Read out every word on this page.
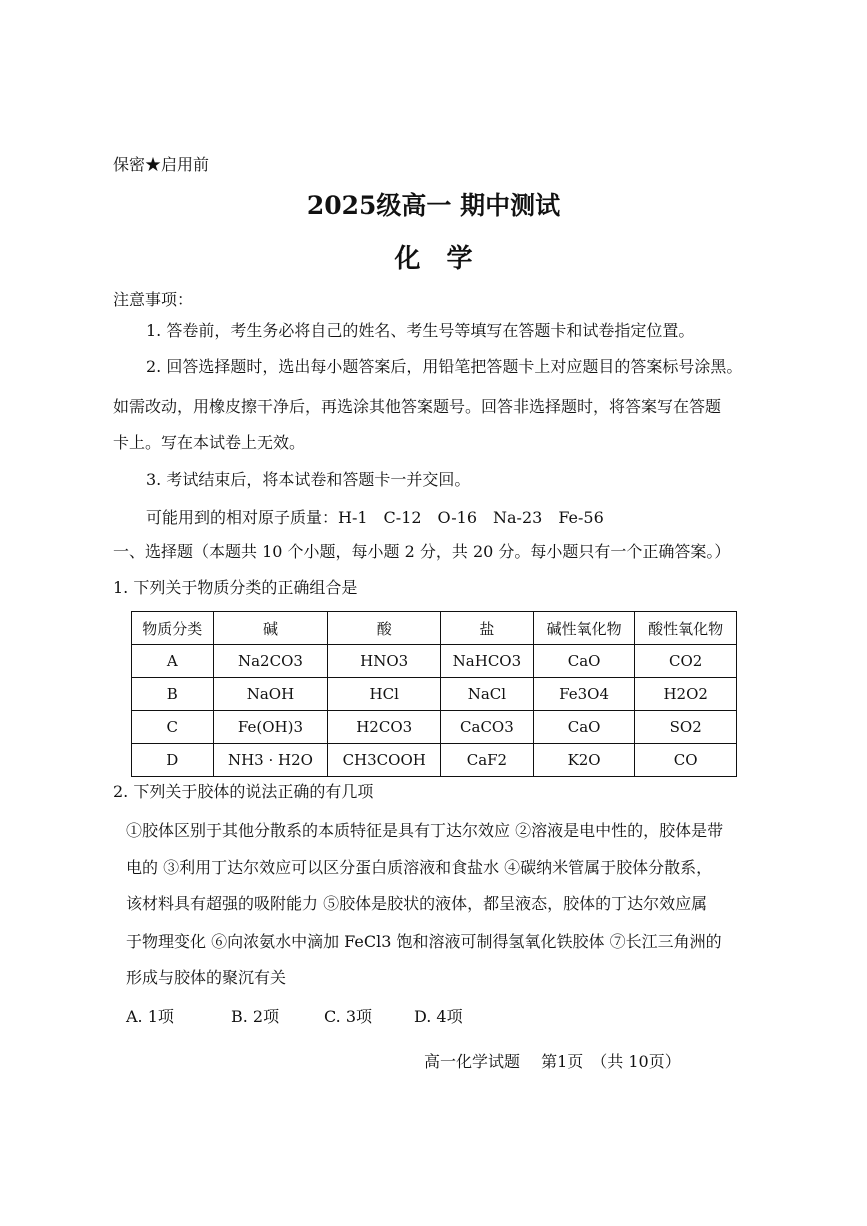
保密★启用前
2025级高一 期中测试
化学
注意事项：
1. 答卷前，考生务必将自己的姓名、考生号等填写在答题卡和试卷指定位置。
2. 回答选择题时，选出每小题答案后，用铅笔把答题卡上对应题目的答案标号涂黑。
如需改动，用橡皮擦干净后，再选涂其他答案题号。回答非选择题时，将答案写在答题
卡上。写在本试卷上无效。
3. 考试结束后，将本试卷和答题卡一并交回。
可能用到的相对原子质量：H-1　C-12　O-16　Na-23　Fe-56
一、选择题（本题共 10 个小题，每小题 2 分，共 20 分。每小题只有一个正确答案。）
1. 下列关于物质分类的正确组合是
物质分类	碱	酸	盐	碱性氧化物	酸性氧化物
A	Na2CO3	HNO3	NaHCO3	CaO	CO2
B	NaOH	HCl	NaCl	Fe3O4	H2O2
C	Fe(OH)3	H2CO3	CaCO3	CaO	SO2
D	NH3 · H2O	CH3COOH	CaF2	K2O	CO
2. 下列关于胶体的说法正确的有几项
①胶体区别于其他分散系的本质特征是具有丁达尔效应 ②溶液是电中性的，胶体是带
电的 ③利用丁达尔效应可以区分蛋白质溶液和食盐水 ④碳纳米管属于胶体分散系，
该材料具有超强的吸附能力 ⑤胶体是胶状的液体，都呈液态，胶体的丁达尔效应属
于物理变化 ⑥向浓氨水中滴加 FeCl3 饱和溶液可制得氢氧化铁胶体 ⑦长江三角洲的
形成与胶体的聚沉有关
A. 1项	B. 2项	C. 3项	D. 4项
高一化学试题　 第1页　（共 10页）
